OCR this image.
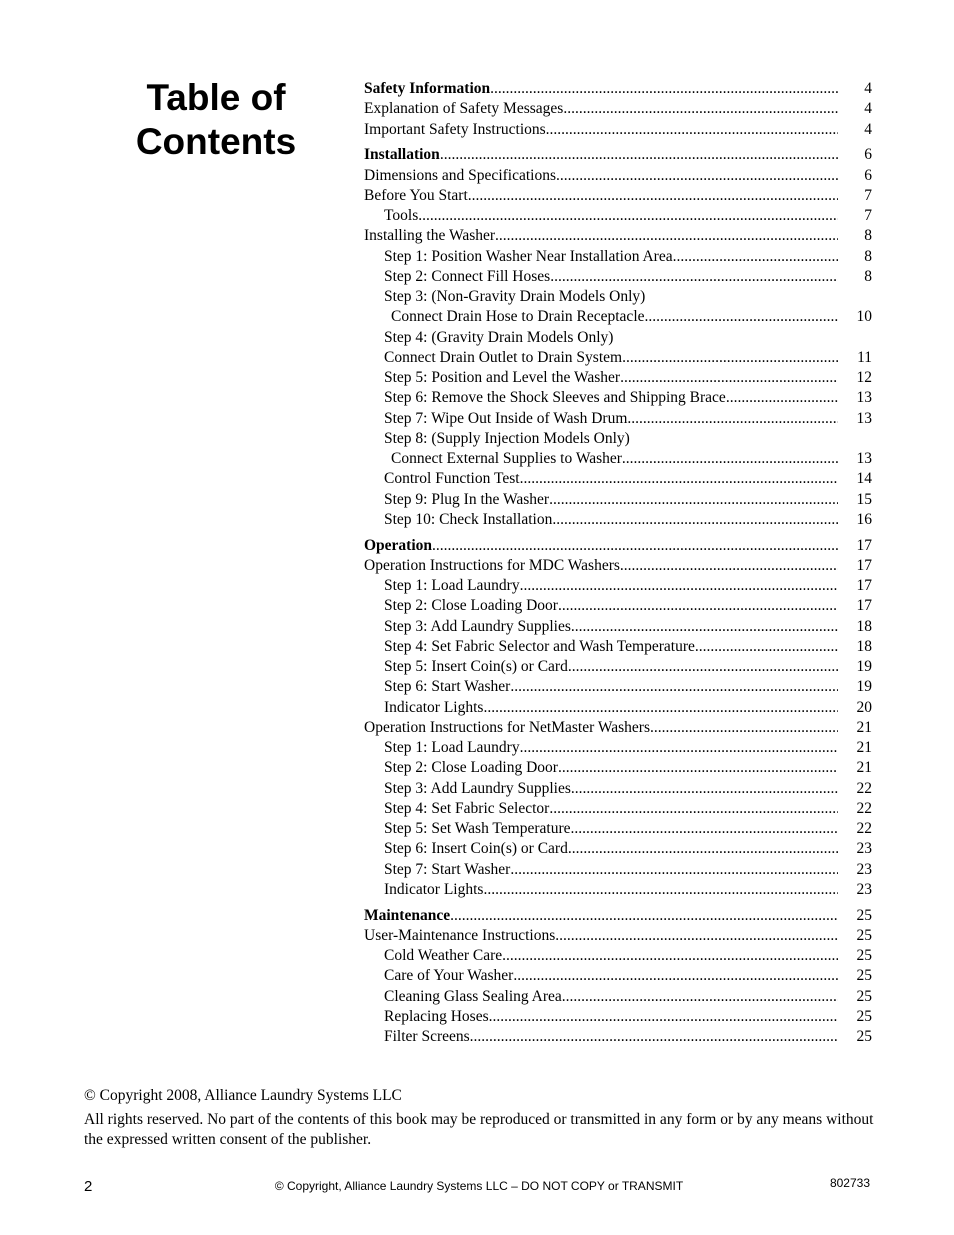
Table of
Contents
Safety Information .....	4
Explanation of Safety Messages .....	4
Important Safety Instructions .....	4
Installation .....	6
Dimensions and Specifications .....	6
Before You Start .....	7
Tools .....	7
Installing the Washer .....	8
Step 1: Position Washer Near Installation Area .....	8
Step 2: Connect Fill Hoses .....	8
Step 3: (Non-Gravity Drain Models Only)
Connect Drain Hose to Drain Receptacle .....	10
Step 4: (Gravity Drain Models Only)
Connect Drain Outlet to Drain System .....	11
Step 5: Position and Level the Washer .....	12
Step 6: Remove the Shock Sleeves and Shipping Brace .....	13
Step 7: Wipe Out Inside of Wash Drum .....	13
Step 8: (Supply Injection Models Only)
Connect External Supplies to Washer .....	13
Control Function Test .....	14
Step 9: Plug In the Washer .....	15
Step 10: Check Installation .....	16
Operation .....	17
Operation Instructions for MDC Washers .....	17
Step 1: Load Laundry .....	17
Step 2: Close Loading Door .....	17
Step 3: Add Laundry Supplies .....	18
Step 4: Set Fabric Selector and Wash Temperature .....	18
Step 5: Insert Coin(s) or Card .....	19
Step 6: Start Washer .....	19
Indicator Lights .....	20
Operation Instructions for NetMaster Washers .....	21
Step 1: Load Laundry .....	21
Step 2: Close Loading Door .....	21
Step 3: Add Laundry Supplies .....	22
Step 4: Set Fabric Selector .....	22
Step 5: Set Wash Temperature .....	22
Step 6: Insert Coin(s) or Card .....	23
Step 7: Start Washer .....	23
Indicator Lights .....	23
Maintenance .....	25
User-Maintenance Instructions .....	25
Cold Weather Care .....	25
Care of Your Washer .....	25
Cleaning Glass Sealing Area .....	25
Replacing Hoses .....	25
Filter Screens .....	25

© Copyright 2008, Alliance Laundry Systems LLC

All rights reserved. No part of the contents of this book may be reproduced or transmitted in any form or by any means without the expressed written consent of the publisher.

2	© Copyright, Alliance Laundry Systems LLC – DO NOT COPY or TRANSMIT	802733
